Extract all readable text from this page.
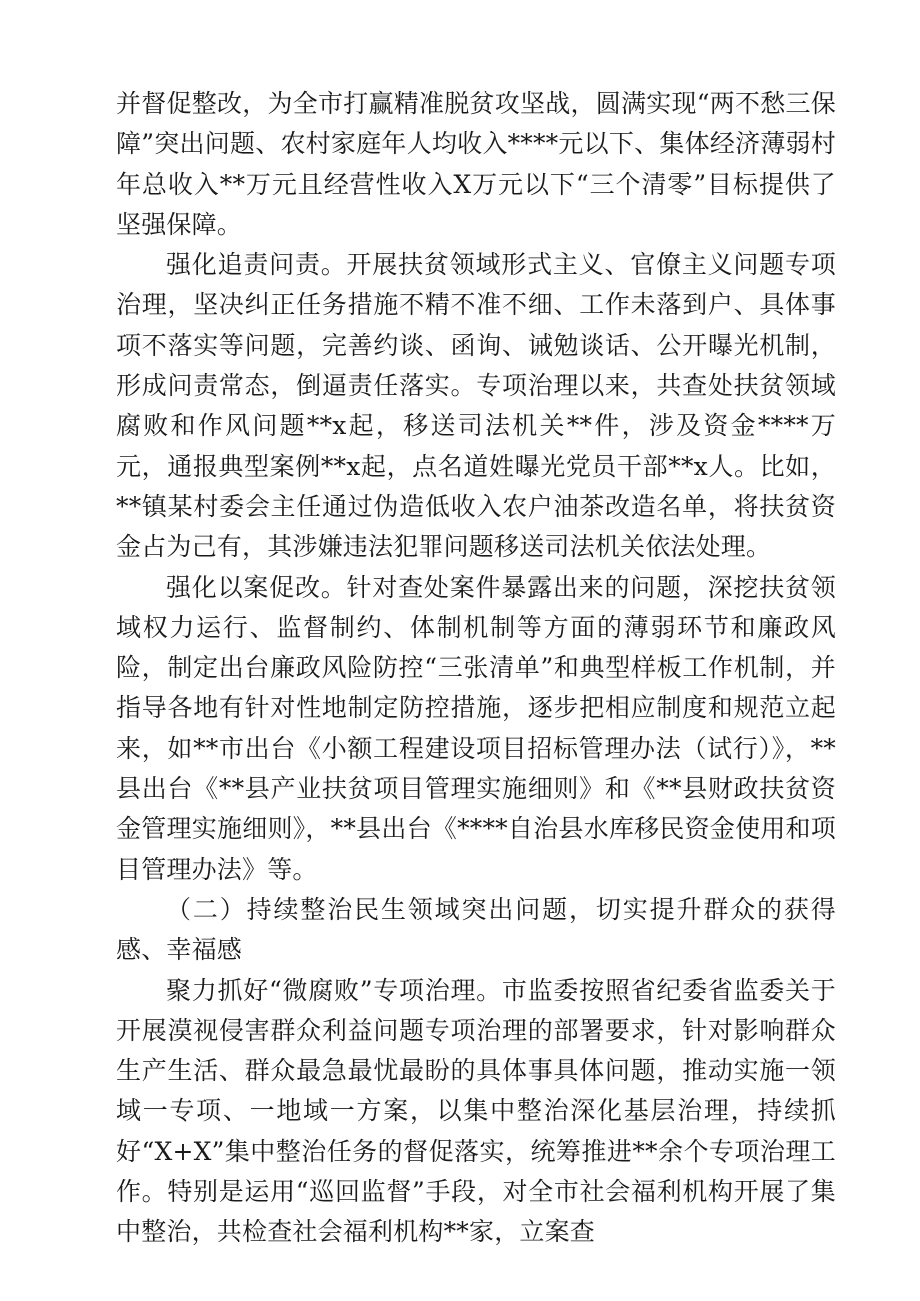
并督促整改，为全市打赢精准脱贫攻坚战，圆满实现“两不愁三保障”突出问题、农村家庭年人均收入****元以下、集体经济薄弱村年总收入**万元且经营性收入X万元以下“三个清零”目标提供了坚强保障。

强化追责问责。开展扶贫领域形式主义、官僚主义问题专项治理，坚决纠正任务措施不精不准不细、工作未落到户、具体事项不落实等问题，完善约谈、函询、诫勉谈话、公开曝光机制，形成问责常态，倒逼责任落实。专项治理以来，共查处扶贫领域腐败和作风问题**x起，移送司法机关**件，涉及资金****万元，通报典型案例**x起，点名道姓曝光党员干部**x人。比如，**镇某村委会主任通过伪造低收入农户油茶改造名单，将扶贫资金占为己有，其涉嫌违法犯罪问题移送司法机关依法处理。

强化以案促改。针对查处案件暴露出来的问题，深挖扶贫领域权力运行、监督制约、体制机制等方面的薄弱环节和廉政风险，制定出台廉政风险防控“三张清单”和典型样板工作机制，并指导各地有针对性地制定防控措施，逐步把相应制度和规范立起来，如**市出台《小额工程建设项目招标管理办法（试行）》，**县出台《**县产业扶贫项目管理实施细则》和《**县财政扶贫资金管理实施细则》，**县出台《****自治县水库移民资金使用和项目管理办法》等。

（二）持续整治民生领域突出问题，切实提升群众的获得感、幸福感

聚力抓好“微腐败”专项治理。市监委按照省纪委省监委关于开展漠视侵害群众利益问题专项治理的部署要求，针对影响群众生产生活、群众最急最忧最盼的具体事具体问题，推动实施一领域一专项、一地域一方案，以集中整治深化基层治理，持续抓好“X+X”集中整治任务的督促落实，统筹推进**余个专项治理工作。特别是运用“巡回监督”手段，对全市社会福利机构开展了集中整治，共检查社会福利机构**家，立案查
